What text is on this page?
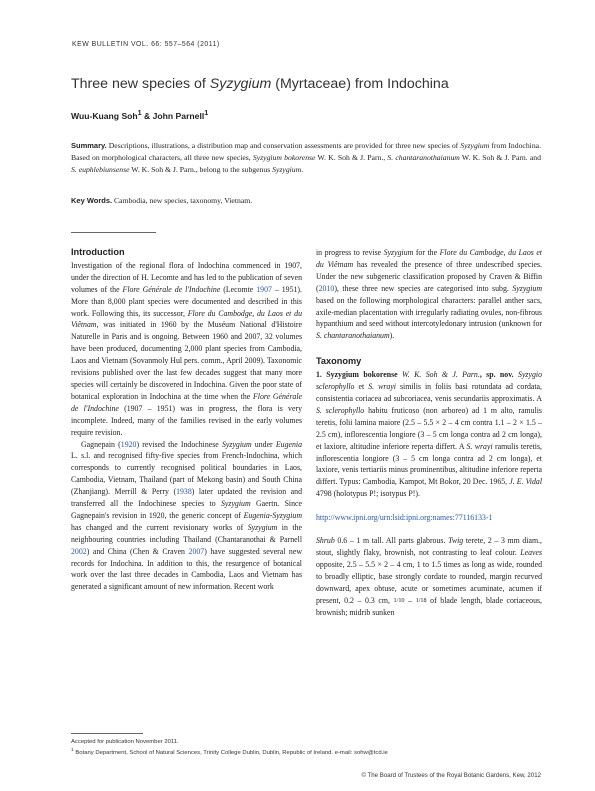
KEW BULLETIN VOL. 66: 557–564 (2011)
Three new species of Syzygium (Myrtaceae) from Indochina
Wuu-Kuang Soh$^1$ & John Parnell$^1$
Summary. Descriptions, illustrations, a distribution map and conservation assessments are provided for three new species of Syzygium from Indochina. Based on morphological characters, all three new species, Syzygium bokorense W. K. Soh & J. Parn., S. chantaranothaianum W. K. Soh & J. Parn. and S. euphlebiunsense W. K. Soh & J. Parn., belong to the subgenus Syzygium.
Key Words. Cambodia, new species, taxonomy, Vietnam.
Introduction

Investigation of the regional flora of Indochina commenced in 1907, under the direction of H. Lecomte and has led to the publication of seven volumes of the Flore Générale de l'Indochine (Lecomte 1907 – 1951). More than 8,000 plant species were documented and described in this work. Following this, its successor, Flore du Cambodge, du Laos et du Viêtnam, was initiated in 1960 by the Muséum National d'Histoire Naturelle in Paris and is ongoing. Between 1960 and 2007, 32 volumes have been produced, documenting 2,000 plant species from Cambodia, Laos and Vietnam (Sovanmoly Hul pers. comm., April 2009). Taxonomic revisions published over the last few decades suggest that many more species will certainly be discovered in Indochina. Given the poor state of botanical exploration in Indochina at the time when the Flore Générale de l'Indochine (1907 – 1951) was in progress, the flora is very incomplete. Indeed, many of the families revised in the early volumes require revision.

Gagnepain (1920) revised the Indochinese Syzygium under Eugenia L. s.l. and recognised fifty-five species from French-Indochina, which corresponds to currently recognised political boundaries in Laos, Cambodia, Vietnam, Thailand (part of Mekong basin) and South China (Zhanjiang). Merrill & Perry (1938) later updated the revision and transferred all the Indochinese species to Syzygium Gaertn. Since Gagnepain's revision in 1920, the generic concept of Eugenia-Syzygium has changed and the current revisionary works of Syzygium in the neighbouring countries including Thailand (Chantaranothai & Parnell 2002) and China (Chen & Craven 2007) have suggested several new records for Indochina. In addition to this, the resurgence of botanical work over the last three decades in Cambodia, Laos and Vietnam has generated a significant amount of new information. Recent work

in progress to revise Syzygium for the Flore du Cambodge, du Laos et du Viêtnam has revealed the presence of three undescribed species. Under the new subgeneric classification proposed by Craven & Biffin (2010), these three new species are categorised into subg. Syzygium based on the following morphological characters: parallel anther sacs, axile-median placentation with irregularly radiating ovules, non-fibrous hypanthium and seed without intercotyledonary intrusion (unknown for S. chantaranothaianum).

Taxonomy

1. Syzygium bokorense W. K. Soh & J. Parn., sp. nov. Syzygio sclerophyllo et S. wrayi similis in foliis basi rotundata ad cordata, consistentia coriacea ad subcoriacea, venis secundariis approximatis. A S. sclerophyllo habitu fruticoso (non arboreo) ad 1 m alto, ramulis teretis, folii lamina maiore (2.5 – 5.5 × 2 – 4 cm contra 1.1 – 2 × 1.5 – 2.5 cm), inflorescentia longiore (3 – 5 cm longa contra ad 2 cm longa), et laxiore, altitudine inferiore reperta differt. A S. wrayi ramulis teretis, inflorescentia longiore (3 – 5 cm longa contra ad 2 cm longa), et laxiore, venis tertiariis minus prominentibus, altitudine inferiore reperta differt. Typus: Cambodia, Kampot, Mt Bokor, 20 Dec. 1965, J. E. Vidal 4798 (holotypus P!; isotypus P!).

http://www.ipni.org/urn:lsid:ipni.org:names:77116133-1

Shrub 0.6 – 1 m tall. All parts glabrous. Twig terete, 2 – 3 mm diam., stout, slightly flaky, brownish, not contrasting to leaf colour. Leaves opposite, 2.5 – 5.5 × 2 – 4 cm, 1 to 1.5 times as long as wide, rounded to broadly elliptic, base strongly cordate to rounded, margin recurved downward, apex obtuse, acute or sometimes acuminate, acumen if present, 0.2 – 0.3 cm, 1/10 – 1/18 of blade length, blade coriaceous, brownish; midrib sunken

Accepted for publication November 2011.
$^1$ Botany Department, School of Natural Sciences, Trinity College Dublin, Dublin, Republic of Ireland. e-mail: sohw@tcd.ie
© The Board of Trustees of the Royal Botanic Gardens, Kew, 2012
